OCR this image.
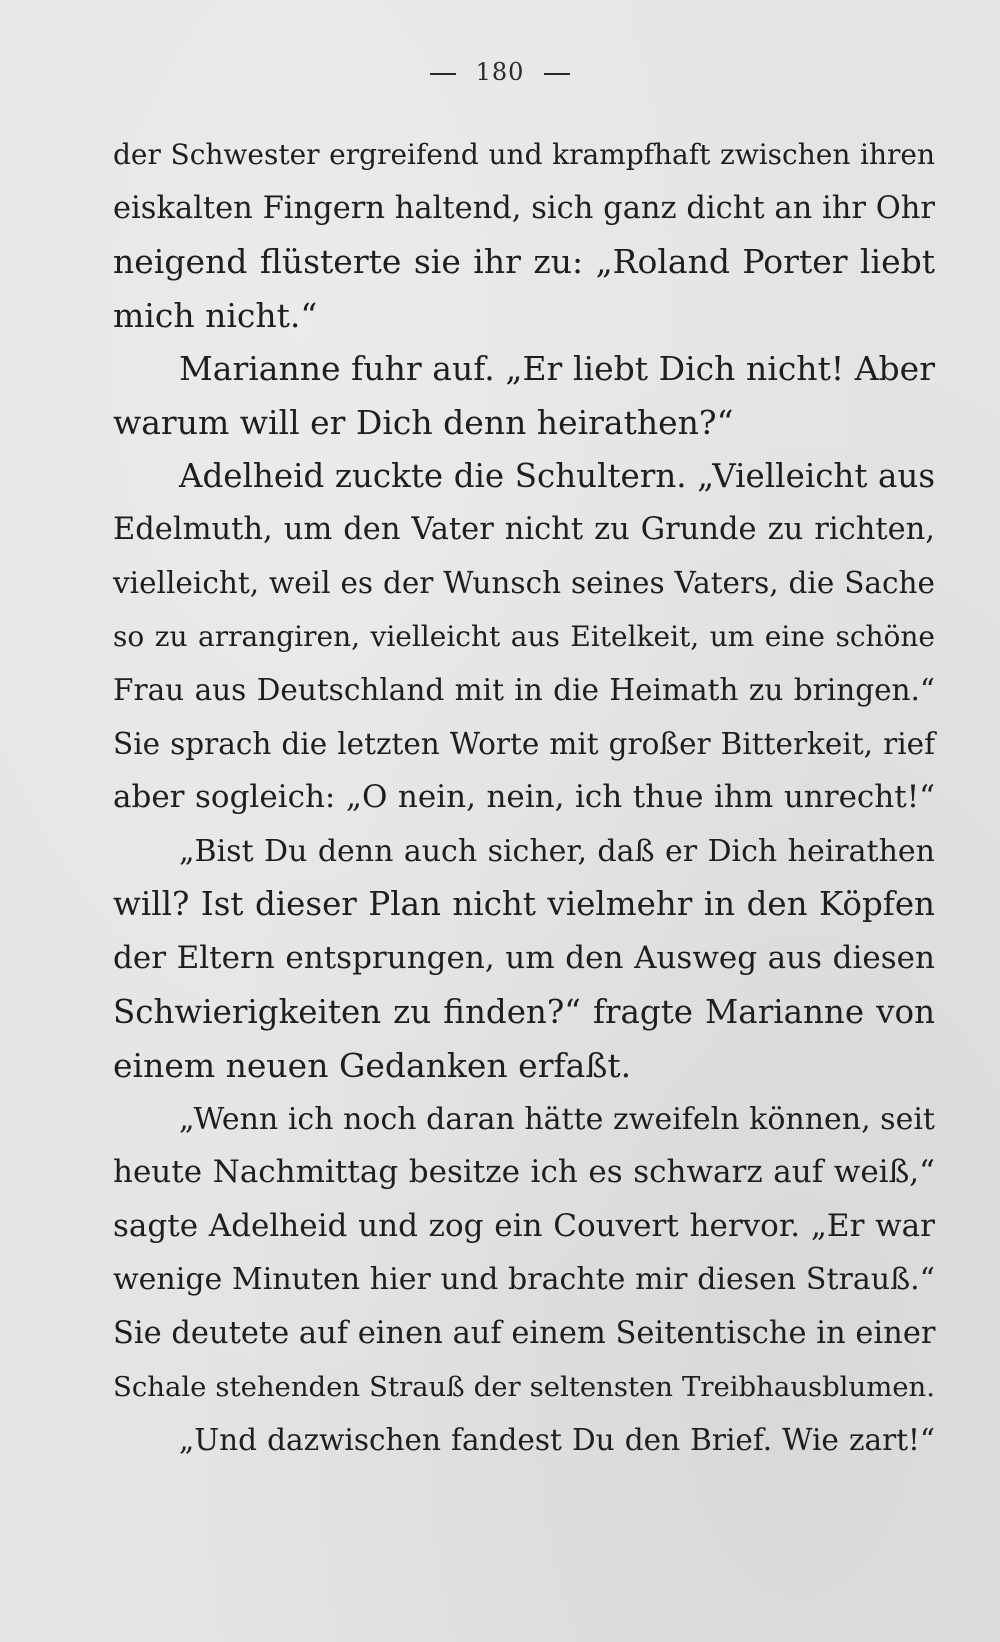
180
der Schwester ergreifend und krampfhaft zwischen ihren
eiskalten Fingern haltend, sich ganz dicht an ihr Ohr
neigend flüsterte sie ihr zu: „Roland Porter liebt
mich nicht.“
Marianne fuhr auf. „Er liebt Dich nicht! Aber
warum will er Dich denn heirathen?“
Adelheid zuckte die Schultern. „Vielleicht aus
Edelmuth, um den Vater nicht zu Grunde zu richten,
vielleicht, weil es der Wunsch seines Vaters, die Sache
so zu arrangiren, vielleicht aus Eitelkeit, um eine schöne
Frau aus Deutschland mit in die Heimath zu bringen.“
Sie sprach die letzten Worte mit großer Bitterkeit, rief
aber sogleich: „O nein, nein, ich thue ihm unrecht!“
„Bist Du denn auch sicher, daß er Dich heirathen
will? Ist dieser Plan nicht vielmehr in den Köpfen
der Eltern entsprungen, um den Ausweg aus diesen
Schwierigkeiten zu finden?“ fragte Marianne von
einem neuen Gedanken erfaßt.
„Wenn ich noch daran hätte zweifeln können, seit
heute Nachmittag besitze ich es schwarz auf weiß,“
sagte Adelheid und zog ein Couvert hervor. „Er war
wenige Minuten hier und brachte mir diesen Strauß.“
Sie deutete auf einen auf einem Seitentische in einer
Schale stehenden Strauß der seltensten Treibhausblumen.
„Und dazwischen fandest Du den Brief. Wie zart!“
